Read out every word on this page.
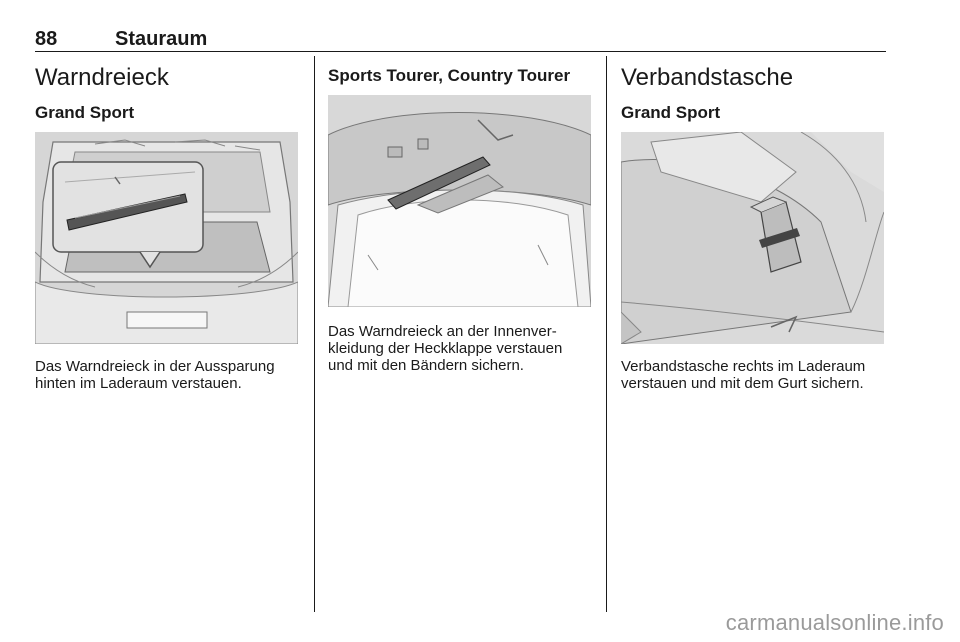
88	Stauraum
Warndreieck
Grand Sport
Das Warndreieck in der Aussparung
hinten im Laderaum verstauen.
Sports Tourer, Country Tourer
Das Warndreieck an der Innenver-
kleidung der Heckklappe verstauen
und mit den Bändern sichern.
Verbandstasche
Grand Sport
Verbandstasche rechts im Laderaum
verstauen und mit dem Gurt sichern.
carmanualsonline.info
